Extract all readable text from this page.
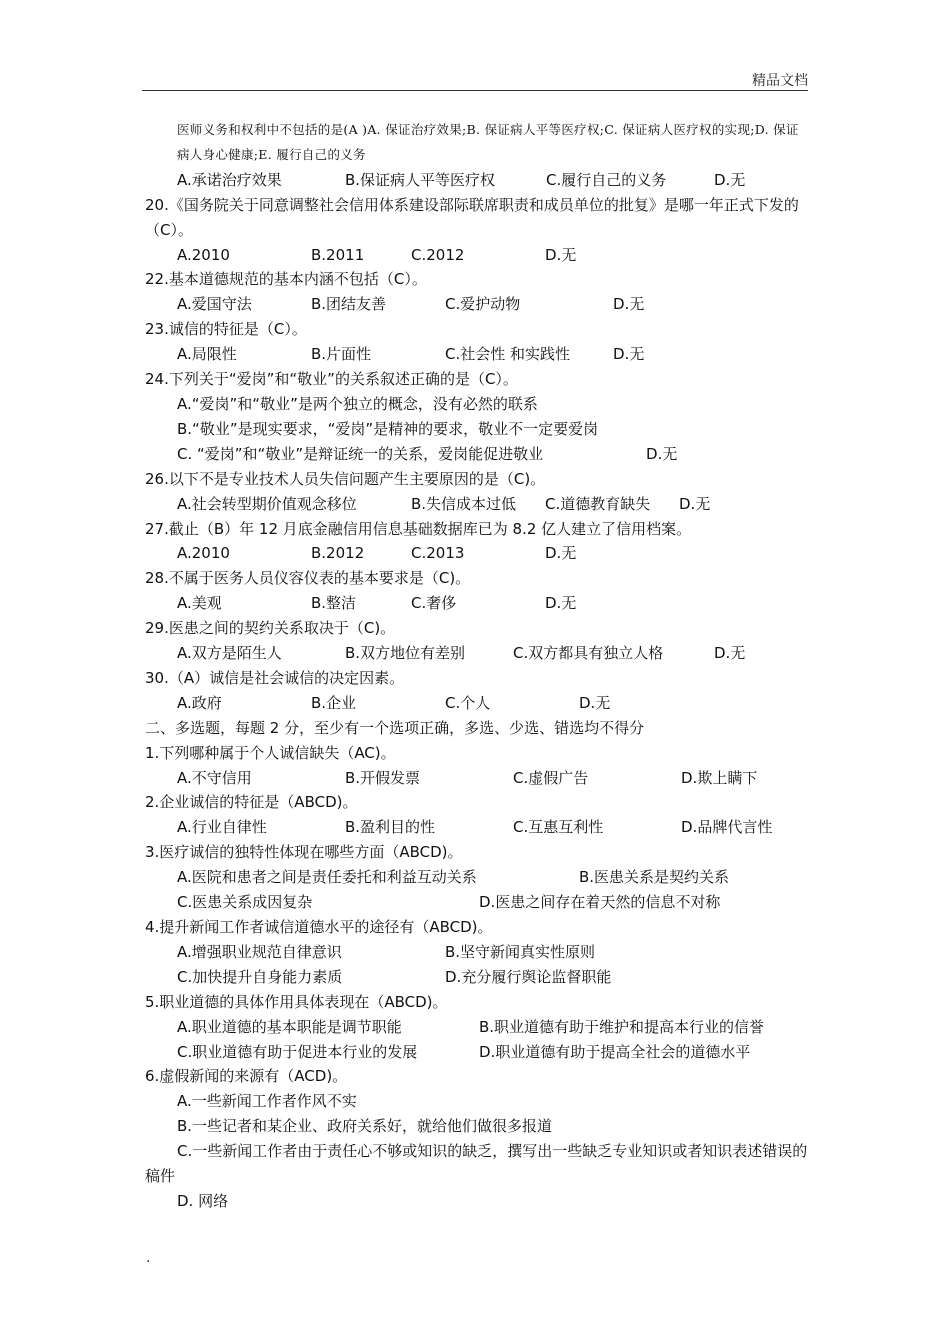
精品文档
医师义务和权利中不包括的是(A )A. 保证治疗效果;B. 保证病人平等医疗权;C. 保证病人医疗权的实现;D. 保证病人身心健康;E. 履行自己的义务
A.承诺治疗效果	B.保证病人平等医疗权	C.履行自己的义务	D.无
20.《国务院关于同意调整社会信用体系建设部际联席职责和成员单位的批复》是哪一年正式下发的（C）。
A.2010	B.2011	C.2012	D.无
22.基本道德规范的基本内涵不包括（C）。
A.爱国守法	B.团结友善	C.爱护动物	D.无
23.诚信的特征是（C）。
A.局限性	B.片面性	C.社会性 和实践性	D.无
24.下列关于“爱岗”和“敬业”的关系叙述正确的是（C）。
A.“爱岗”和“敬业”是两个独立的概念，没有必然的联系
B.“敬业”是现实要求，“爱岗”是精神的要求，敬业不一定要爱岗
C. “爱岗”和“敬业”是辩证统一的关系，爱岗能促进敬业	D.无
26.以下不是专业技术人员失信问题产生主要原因的是（C)。
A.社会转型期价值观念移位	B.失信成本过低	C.道德教育缺失	D.无
27.截止（B）年 12 月底金融信用信息基础数据库已为 8.2 亿人建立了信用档案。
A.2010	B.2012	C.2013	D.无
28.不属于医务人员仪容仪表的基本要求是（C)。
A.美观	B.整洁	C.奢侈	D.无
29.医患之间的契约关系取决于（C)。
A.双方是陌生人	B.双方地位有差别	C.双方都具有独立人格	D.无
30.（A）诚信是社会诚信的决定因素。
A.政府	B.企业	C.个人	D.无
二、多选题，每题 2 分，至少有一个选项正确，多选、少选、错选均不得分
1.下列哪种属于个人诚信缺失（AC)。
A.不守信用	B.开假发票	C.虚假广告	D.欺上瞒下
2.企业诚信的特征是（ABCD)。
A.行业自律性	B.盈利目的性	C.互惠互利性	D.品牌代言性
3.医疗诚信的独特性体现在哪些方面（ABCD)。
A.医院和患者之间是责任委托和利益互动关系	B.医患关系是契约关系
C.医患关系成因复杂	D.医患之间存在着天然的信息不对称
4.提升新闻工作者诚信道德水平的途径有（ABCD)。
A.增强职业规范自律意识	B.坚守新闻真实性原则
C.加快提升自身能力素质	D.充分履行舆论监督职能
5.职业道德的具体作用具体表现在（ABCD)。
A.职业道德的基本职能是调节职能	B.职业道德有助于维护和提高本行业的信誉
C.职业道德有助于促进本行业的发展	D.职业道德有助于提高全社会的道德水平
6.虚假新闻的来源有（ACD)。
A.一些新闻工作者作风不实
B.一些记者和某企业、政府关系好，就给他们做很多报道
C.一些新闻工作者由于责任心不够或知识的缺乏，撰写出一些缺乏专业知识或者知识表述错误的稿件
D. 网络
.
